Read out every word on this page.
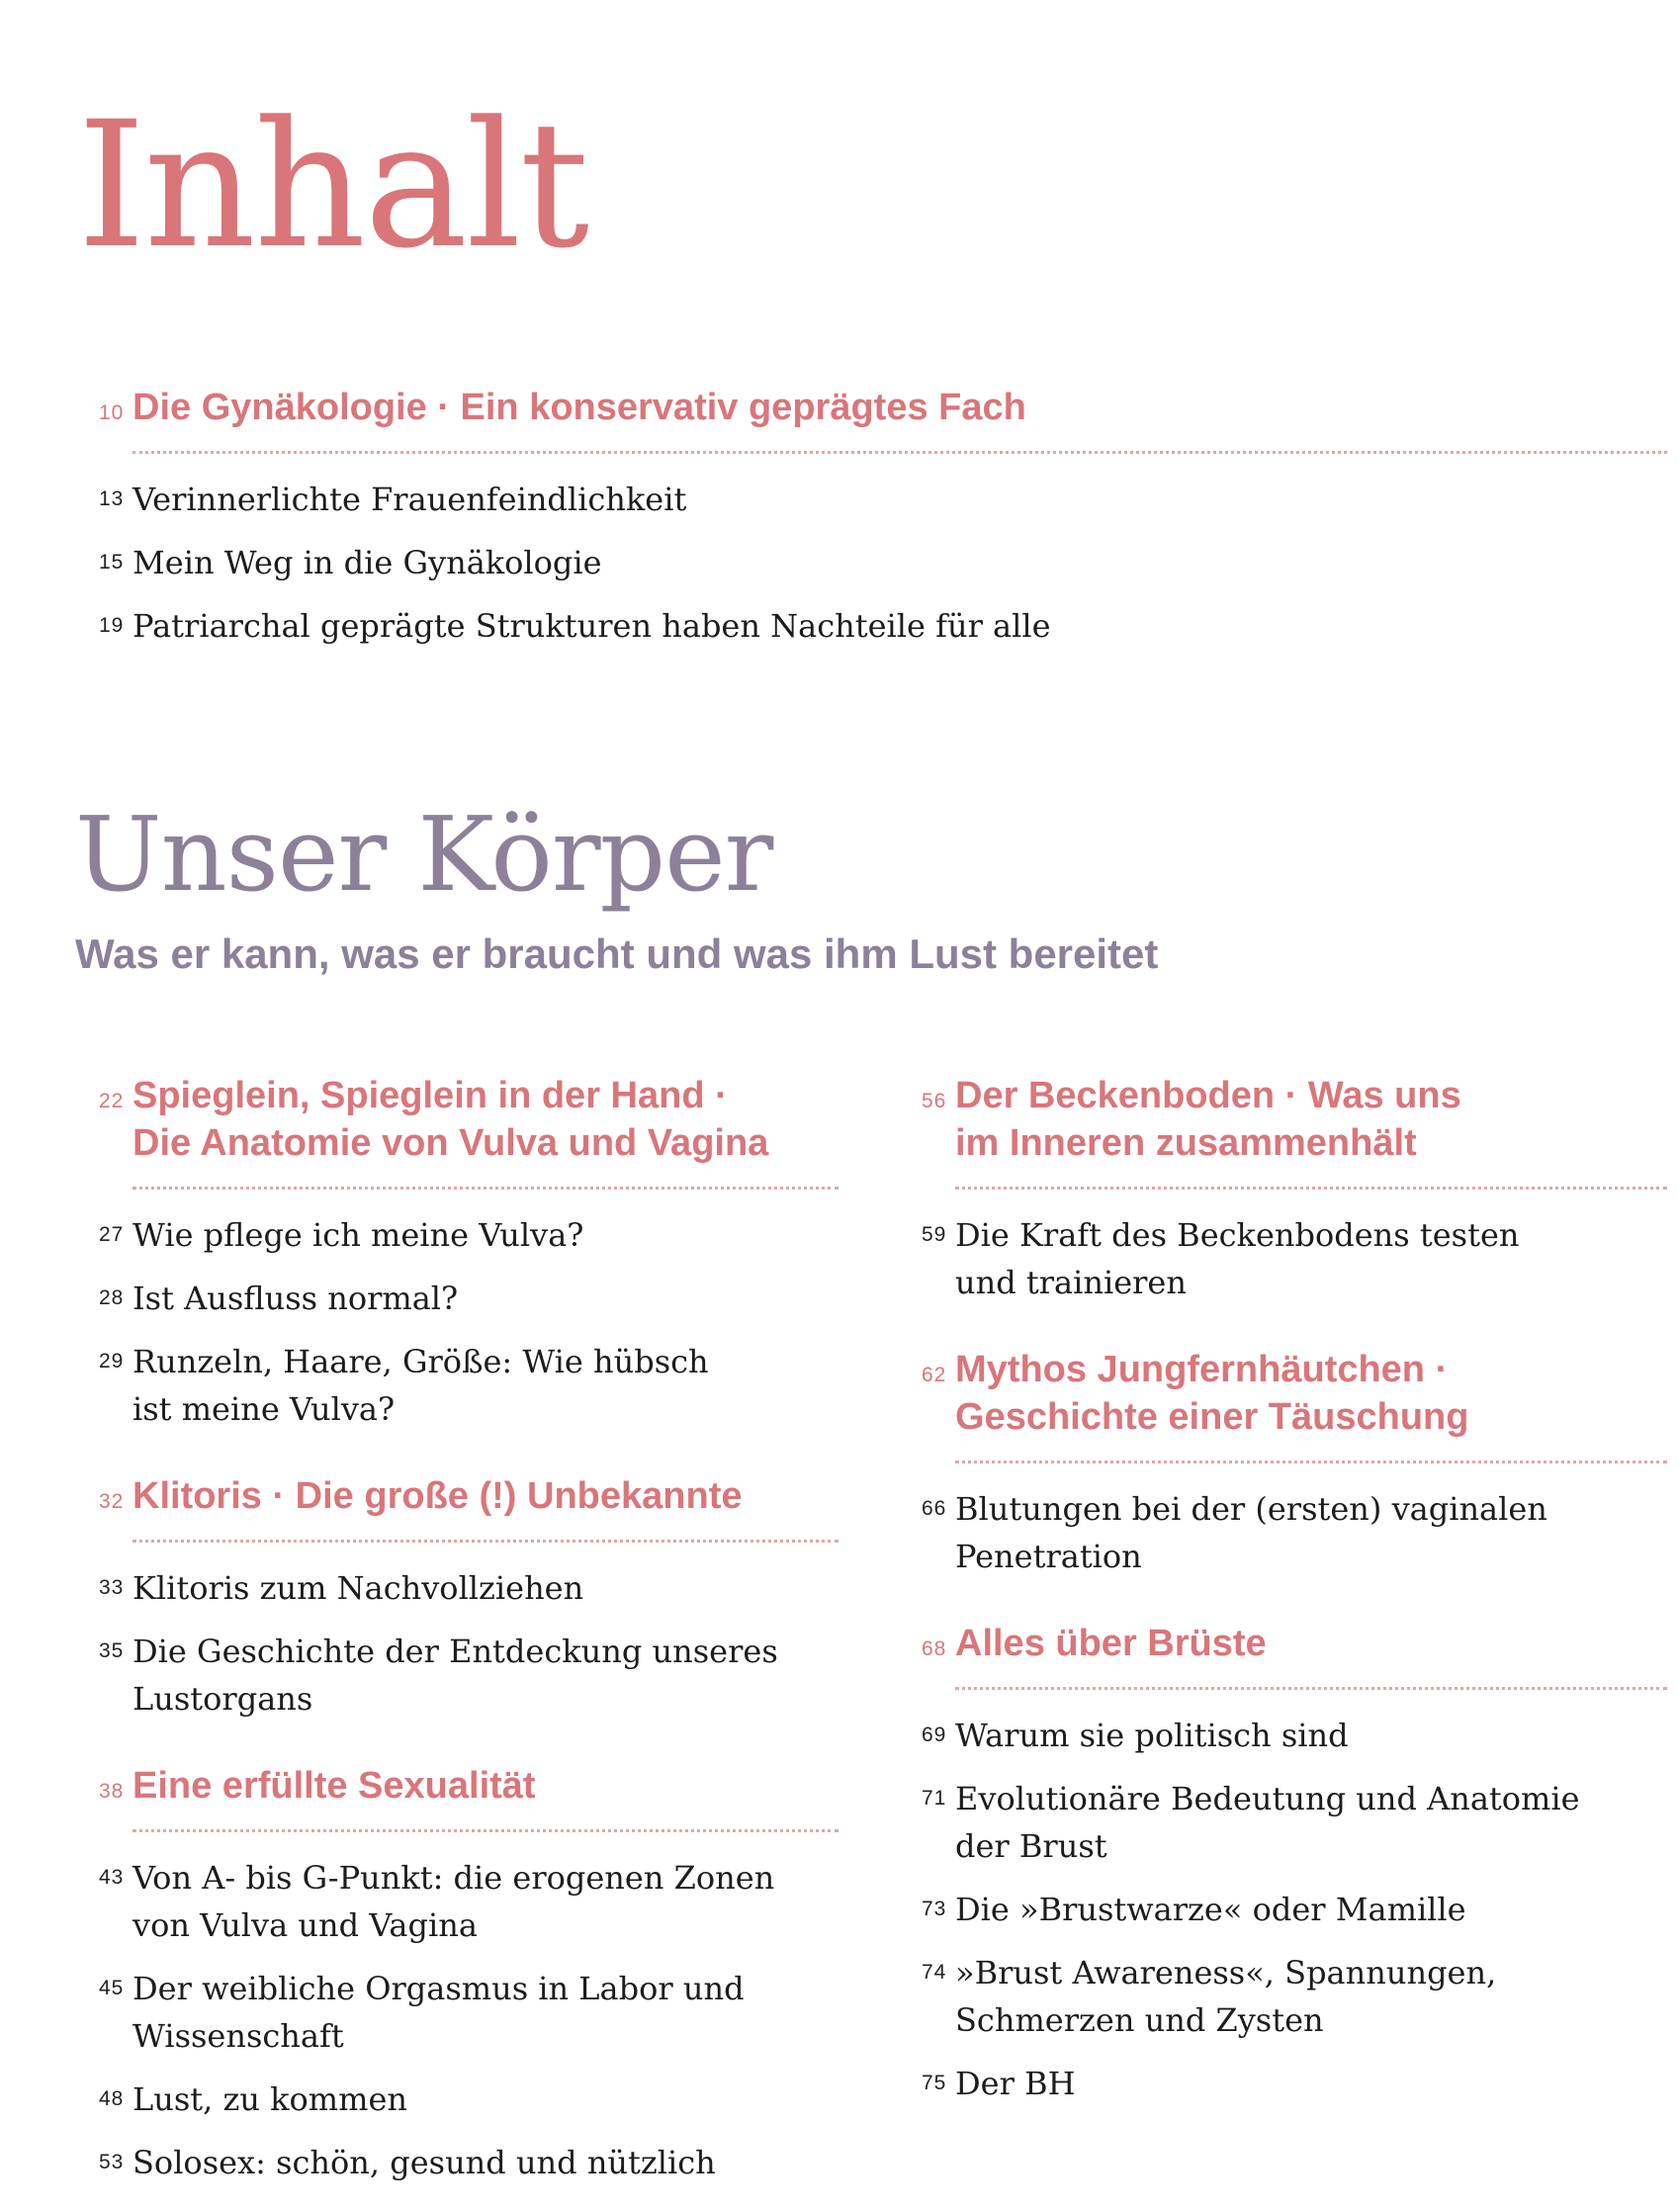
Inhalt
10 Die Gynäkologie · Ein konservativ geprägtes Fach
13 Verinnerlichte Frauenfeindlichkeit
15 Mein Weg in die Gynäkologie
19 Patriarchal geprägte Strukturen haben Nachteile für alle
Unser Körper
Was er kann, was er braucht und was ihm Lust bereitet
22 Spieglein, Spieglein in der Hand ·
Die Anatomie von Vulva und Vagina
27 Wie pflege ich meine Vulva?
28 Ist Ausfluss normal?
29 Runzeln, Haare, Größe: Wie hübsch
ist meine Vulva?
32 Klitoris · Die große (!) Unbekannte
33 Klitoris zum Nachvollziehen
35 Die Geschichte der Entdeckung unseres
Lustorgans
38 Eine erfüllte Sexualität
43 Von A- bis G-Punkt: die erogenen Zonen
von Vulva und Vagina
45 Der weibliche Orgasmus in Labor und
Wissenschaft
48 Lust, zu kommen
53 Solosex: schön, gesund und nützlich
56 Der Beckenboden · Was uns
im Inneren zusammenhält
59 Die Kraft des Beckenbodens testen
und trainieren
62 Mythos Jungfernhäutchen ·
Geschichte einer Täuschung
66 Blutungen bei der (ersten) vaginalen
Penetration
68 Alles über Brüste
69 Warum sie politisch sind
71 Evolutionäre Bedeutung und Anatomie
der Brust
73 Die »Brustwarze« oder Mamille
74 »Brust Awareness«, Spannungen,
Schmerzen und Zysten
75 Der BH
